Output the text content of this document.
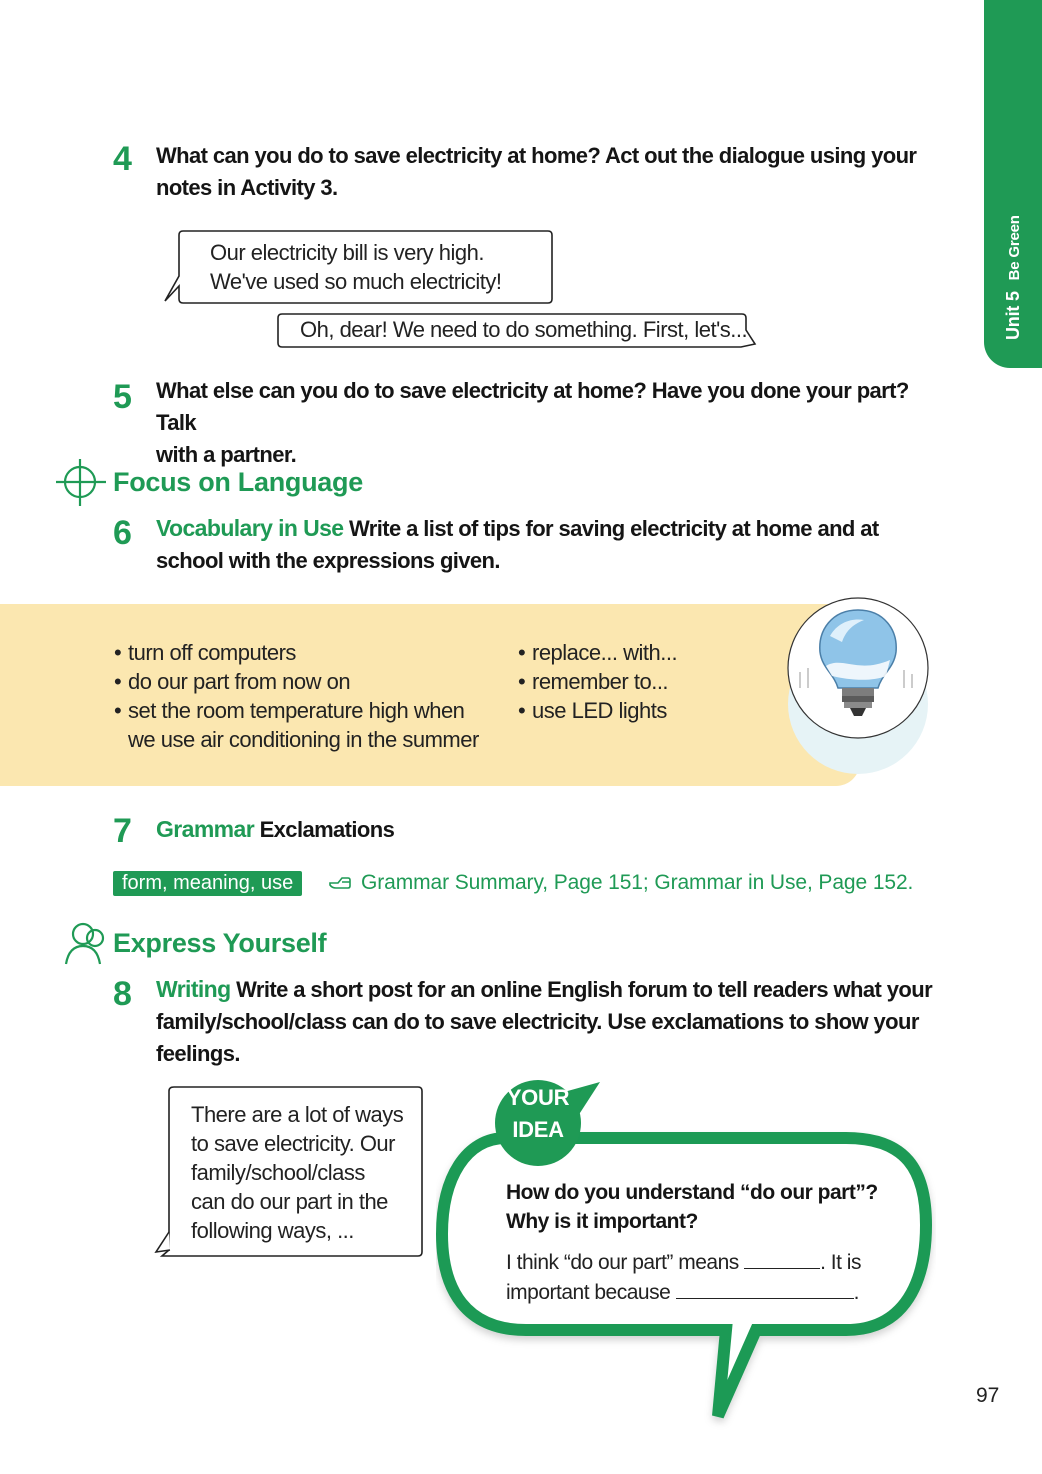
Unit 5 Be Green
4 What can you do to save electricity at home? Act out the dialogue using your
notes in Activity 3.
Our electricity bill is very high.
We've used so much electricity!
Oh, dear! We need to do something. First, let's...
5 What else can you do to save electricity at home? Have you done your part? Talk
with a partner.
Focus on Language
6 Vocabulary in Use Write a list of tips for saving electricity at home and at
school with the expressions given.
• turn off computers
• do our part from now on
• set the room temperature high when
we use air conditioning in the summer
• replace... with...
• remember to...
• use LED lights
7 Grammar Exclamations
form, meaning, use	Grammar Summary, Page 151; Grammar in Use, Page 152.
Express Yourself
8 Writing Write a short post for an online English forum to tell readers what your
family/school/class can do to save electricity. Use exclamations to show your
feelings.
There are a lot of ways
to save electricity. Our
family/school/class
can do our part in the
following ways, ...
YOUR
IDEA
How do you understand “do our part”?
Why is it important?
I think “do our part” means	. It is
important because	.
97
